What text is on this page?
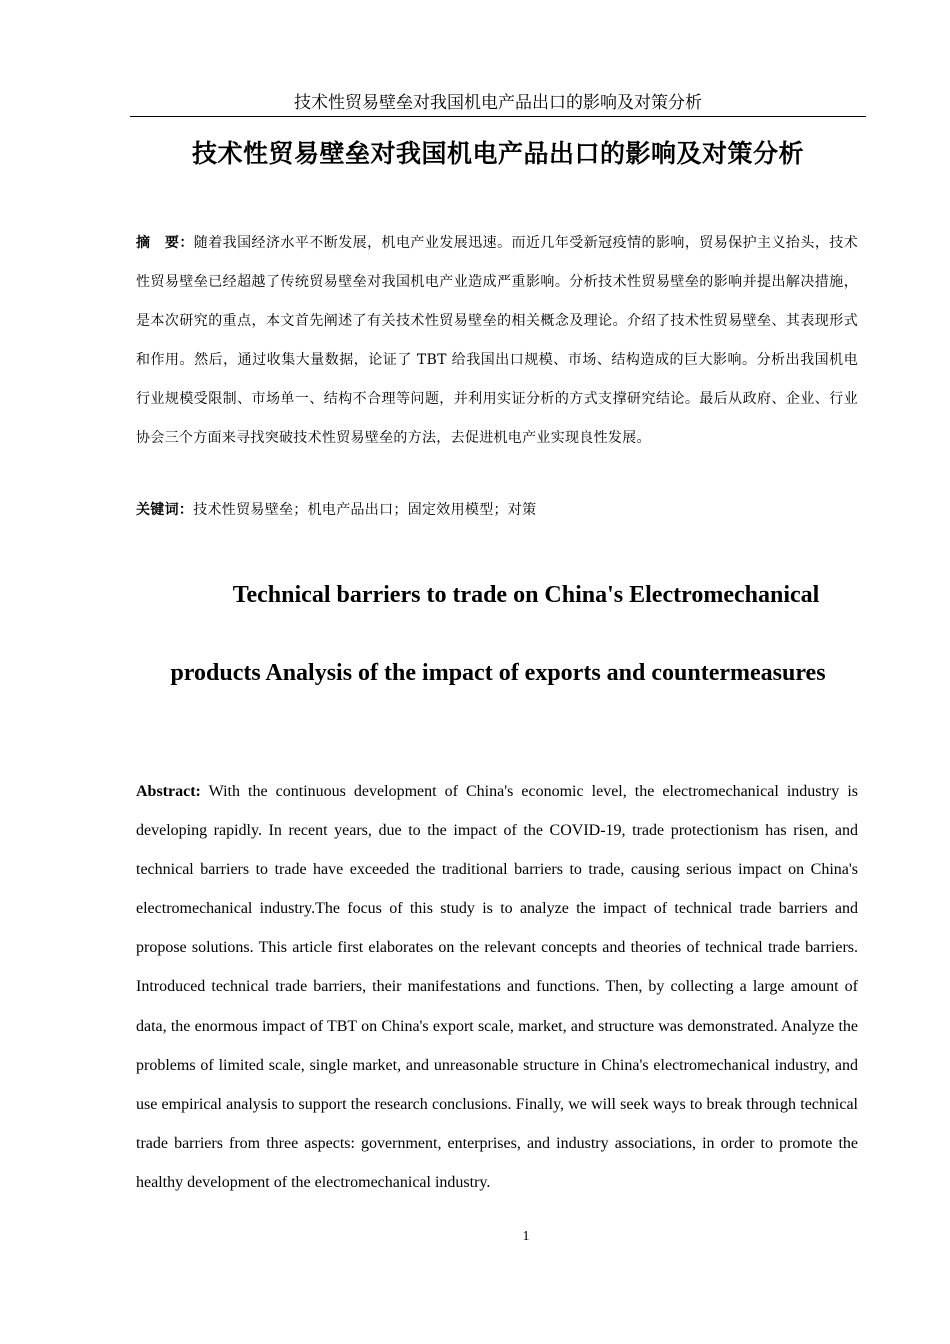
技术性贸易壁垒对我国机电产品出口的影响及对策分析
技术性贸易壁垒对我国机电产品出口的影响及对策分析
摘　要：随着我国经济水平不断发展，机电产业发展迅速。而近几年受新冠疫情的影响，贸易保护主义抬头，技术性贸易壁垒已经超越了传统贸易壁垒对我国机电产业造成严重影响。分析技术性贸易壁垒的影响并提出解决措施，是本次研究的重点，本文首先阐述了有关技术性贸易壁垒的相关概念及理论。介绍了技术性贸易壁垒、其表现形式和作用。然后，通过收集大量数据，论证了 TBT 给我国出口规模、市场、结构造成的巨大影响。分析出我国机电行业规模受限制、市场单一、结构不合理等问题，并利用实证分析的方式支撑研究结论。最后从政府、企业、行业协会三个方面来寻找突破技术性贸易壁垒的方法，去促进机电产业实现良性发展。
关键词：技术性贸易壁垒；机电产品出口；固定效用模型；对策
Technical barriers to trade on China's Electromechanical
products Analysis of the impact of exports and countermeasures
Abstract: With the continuous development of China's economic level, the electromechanical industry is developing rapidly. In recent years, due to the impact of the COVID-19, trade protectionism has risen, and technical barriers to trade have exceeded the traditional barriers to trade, causing serious impact on China's electromechanical industry.The focus of this study is to analyze the impact of technical trade barriers and propose solutions. This article first elaborates on the relevant concepts and theories of technical trade barriers. Introduced technical trade barriers, their manifestations and functions. Then, by collecting a large amount of data, the enormous impact of TBT on China's export scale, market, and structure was demonstrated. Analyze the problems of limited scale, single market, and unreasonable structure in China's electromechanical industry, and use empirical analysis to support the research conclusions. Finally, we will seek ways to break through technical trade barriers from three aspects: government, enterprises, and industry associations, in order to promote the healthy development of the electromechanical industry.
1
